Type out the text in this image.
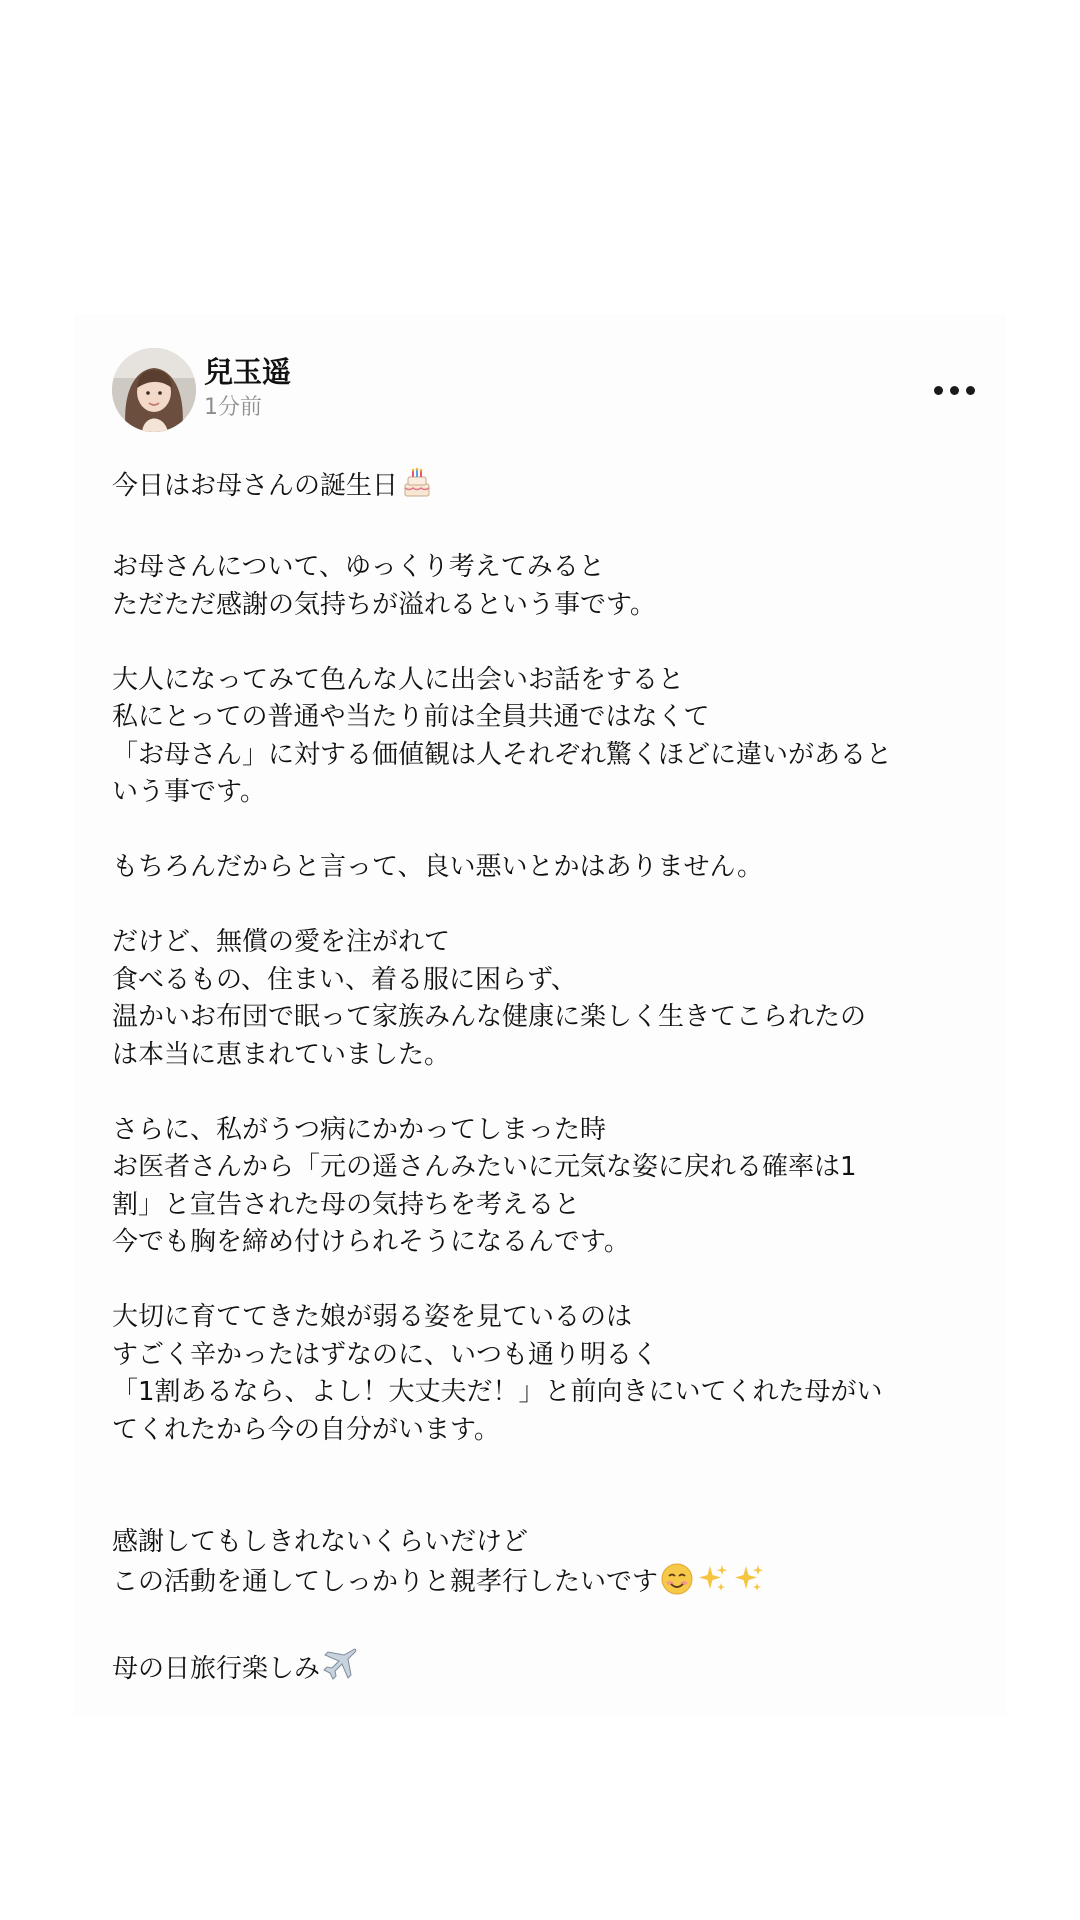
兒玉遥
1分前

今日はお母さんの誕生日

お母さんについて、ゆっくり考えてみると
ただただ感謝の気持ちが溢れるという事です。

大人になってみて色んな人に出会いお話をすると
私にとっての普通や当たり前は全員共通ではなくて
「お母さん」に対する価値観は人それぞれ驚くほどに違いがあると
いう事です。

もちろんだからと言って、良い悪いとかはありません。

だけど、無償の愛を注がれて
食べるもの、住まい、着る服に困らず、
温かいお布団で眠って家族みんな健康に楽しく生きてこられたの
は本当に恵まれていました。

さらに、私がうつ病にかかってしまった時
お医者さんから「元の遥さんみたいに元気な姿に戻れる確率は1
割」と宣告された母の気持ちを考えると
今でも胸を締め付けられそうになるんです。

大切に育ててきた娘が弱る姿を見ているのは
すごく辛かったはずなのに、いつも通り明るく
「1割あるなら、よし！大丈夫だ！」と前向きにいてくれた母がい
てくれたから今の自分がいます。

感謝してもしきれないくらいだけど
この活動を通してしっかりと親孝行したいです

母の日旅行楽しみ
